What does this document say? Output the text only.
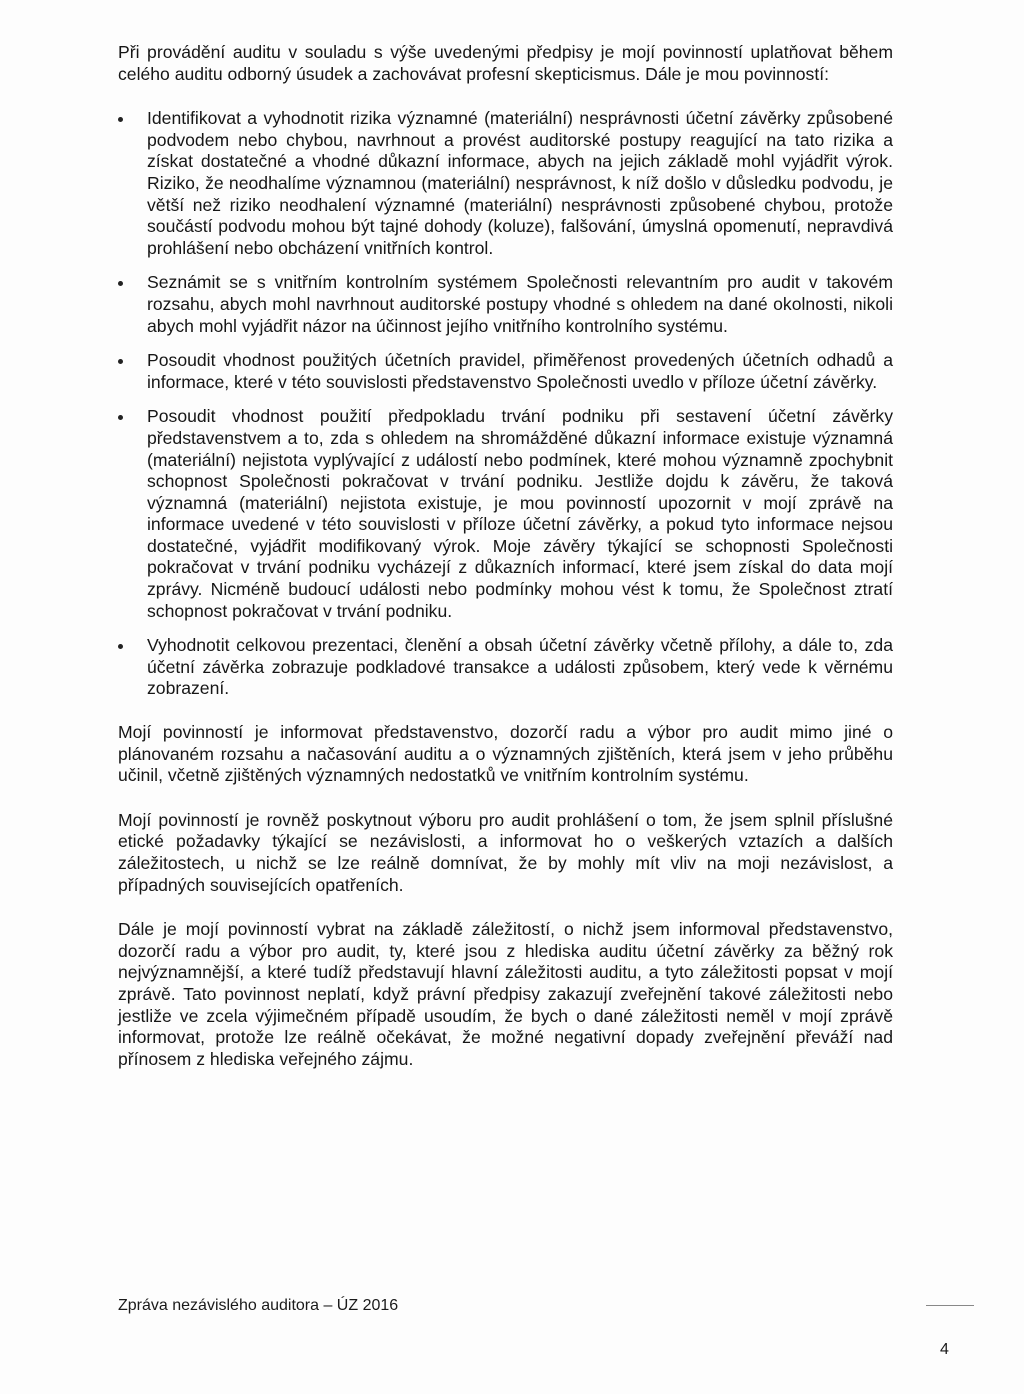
Při provádění auditu v souladu s výše uvedenými předpisy je mojí povinností uplatňovat během celého auditu odborný úsudek a zachovávat profesní skepticismus. Dále je mou povinností:

Identifikovat a vyhodnotit rizika významné (materiální) nesprávnosti účetní závěrky způsobené podvodem nebo chybou, navrhnout a provést auditorské postupy reagující na tato rizika a získat dostatečné a vhodné důkazní informace, abych na jejich základě mohl vyjádřit výrok. Riziko, že neodhalíme významnou (materiální) nesprávnost, k níž došlo v důsledku podvodu, je větší než riziko neodhalení významné (materiální) nesprávnosti způsobené chybou, protože součástí podvodu mohou být tajné dohody (koluze), falšování, úmyslná opomenutí, nepravdivá prohlášení nebo obcházení vnitřních kontrol.
Seznámit se s vnitřním kontrolním systémem Společnosti relevantním pro audit v takovém rozsahu, abych mohl navrhnout auditorské postupy vhodné s ohledem na dané okolnosti, nikoli abych mohl vyjádřit názor na účinnost jejího vnitřního kontrolního systému.
Posoudit vhodnost použitých účetních pravidel, přiměřenost provedených účetních odhadů a informace, které v této souvislosti představenstvo Společnosti uvedlo v příloze účetní závěrky.
Posoudit vhodnost použití předpokladu trvání podniku při sestavení účetní závěrky představenstvem a to, zda s ohledem na shromážděné důkazní informace existuje významná (materiální) nejistota vyplývající z událostí nebo podmínek, které mohou významně zpochybnit schopnost Společnosti pokračovat v trvání podniku. Jestliže dojdu k závěru, že taková významná (materiální) nejistota existuje, je mou povinností upozornit v mojí zprávě na informace uvedené v této souvislosti v příloze účetní závěrky, a pokud tyto informace nejsou dostatečné, vyjádřit modifikovaný výrok. Moje závěry týkající se schopnosti Společnosti pokračovat v trvání podniku vycházejí z důkazních informací, které jsem získal do data mojí zprávy. Nicméně budoucí události nebo podmínky mohou vést k tomu, že Společnost ztratí schopnost pokračovat v trvání podniku.
Vyhodnotit celkovou prezentaci, členění a obsah účetní závěrky včetně přílohy, a dále to, zda účetní závěrka zobrazuje podkladové transakce a události způsobem, který vede k věrnému zobrazení.

Mojí povinností je informovat představenstvo, dozorčí radu a výbor pro audit mimo jiné o plánovaném rozsahu a načasování auditu a o významných zjištěních, která jsem v jeho průběhu učinil, včetně zjištěných významných nedostatků ve vnitřním kontrolním systému.

Mojí povinností je rovněž poskytnout výboru pro audit prohlášení o tom, že jsem splnil příslušné etické požadavky týkající se nezávislosti, a informovat ho o veškerých vztazích a dalších záležitostech, u nichž se lze reálně domnívat, že by mohly mít vliv na moji nezávislost, a případných souvisejících opatřeních.

Dále je mojí povinností vybrat na základě záležitostí, o nichž jsem informoval představenstvo, dozorčí radu a výbor pro audit, ty, které jsou z hlediska auditu účetní závěrky za běžný rok nejvýznamnější, a které tudíž představují hlavní záležitosti auditu, a tyto záležitosti popsat v mojí zprávě. Tato povinnost neplatí, když právní předpisy zakazují zveřejnění takové záležitosti nebo jestliže ve zcela výjimečném případě usoudím, že bych o dané záležitosti neměl v mojí zprávě informovat, protože lze reálně očekávat, že možné negativní dopady zveřejnění převáží nad přínosem z hlediska veřejného zájmu.

Zpráva nezávislého auditora – ÚZ 2016
4
